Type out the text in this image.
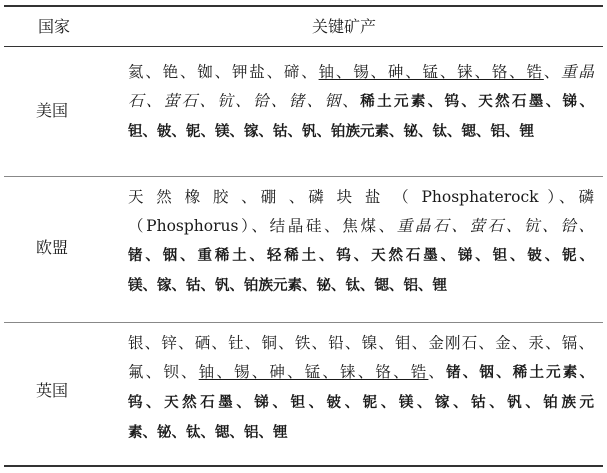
国家	关键矿产
美国
氦、铯、铷、钾盐、碲、铀、锡、砷、锰、铼、铬、锆、重晶
石、萤石、钪、铪、锗、铟、稀土元素、钨、天然石墨、锑、
钽、铍、铌、镁、镓、钴、钒、铂族元素、铋、钛、锶、铝、锂
欧盟
天 然 橡 胶 、硼 、磷 块 盐 （ Phosphaterock ）、磷
（Phosphorus）、结晶硅、焦煤、重晶石、萤石、钪、铪、
锗、铟、重稀土、轻稀土、钨、天然石墨、锑、钽、铍、铌、
镁、镓、钴、钒、铂族元素、铋、钛、锶、铝、锂
英国
银、锌、硒、钍、铜、铁、铅、镍、钼、金刚石、金、汞、镉、
氟、钡、铀、锡、砷、锰、铼、铬、锆、锗、铟、稀土元素、
钨、天然石墨、锑、钽、铍、铌、镁、镓、钴、钒、铂族元
素、铋、钛、锶、铝、锂
